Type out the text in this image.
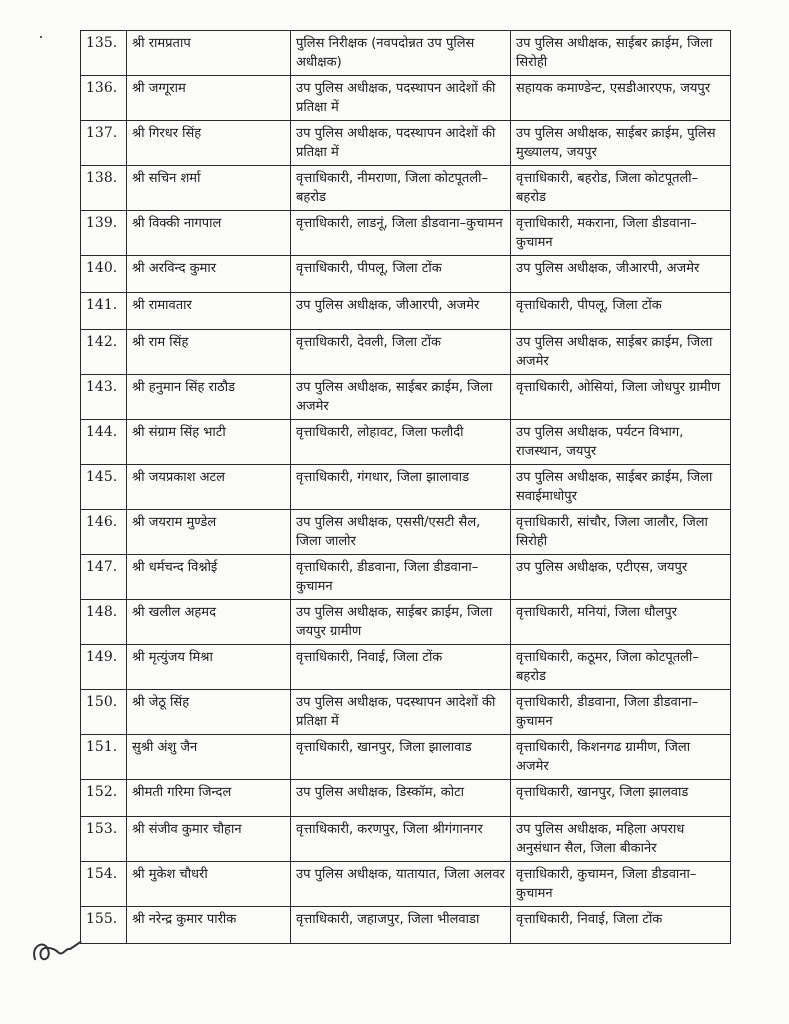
135.	श्री रामप्रताप	पुलिस निरीक्षक (नवपदोन्नत उप पुलिस अधीक्षक)	उप पुलिस अधीक्षक, साईबर क्राईम, जिला सिरोही
136.	श्री जग्गूराम	उप पुलिस अधीक्षक, पदस्थापन आदेशों की प्रतिक्षा में	सहायक कमाण्डेन्ट, एसडीआरएफ, जयपुर
137.	श्री गिरधर सिंह	उप पुलिस अधीक्षक, पदस्थापन आदेशों की प्रतिक्षा में	उप पुलिस अधीक्षक, साईबर क्राईम, पुलिस मुख्यालय, जयपुर
138.	श्री सचिन शर्मा	वृत्ताधिकारी, नीमराणा, जिला कोटपूतली–बहरोड	वृत्ताधिकारी, बहरोड, जिला कोटपूतली–बहरोड
139.	श्री विक्की नागपाल	वृत्ताधिकारी, लाडनूं, जिला डीडवाना–कुचामन	वृत्ताधिकारी, मकराना, जिला डीडवाना–कुचामन
140.	श्री अरविन्द कुमार	वृत्ताधिकारी, पीपलू, जिला टोंक	उप पुलिस अधीक्षक, जीआरपी, अजमेर
141.	श्री रामावतार	उप पुलिस अधीक्षक, जीआरपी, अजमेर	वृत्ताधिकारी, पीपलू, जिला टोंक
142.	श्री राम सिंह	वृत्ताधिकारी, देवली, जिला टोंक	उप पुलिस अधीक्षक, साईबर क्राईम, जिला अजमेर
143.	श्री हनुमान सिंह राठौड	उप पुलिस अधीक्षक, साईबर क्राईम, जिला अजमेर	वृत्ताधिकारी, ओसियां, जिला जोधपुर ग्रामीण
144.	श्री संग्राम सिंह भाटी	वृत्ताधिकारी, लोहावट, जिला फलौदी	उप पुलिस अधीक्षक, पर्यटन विभाग, राजस्थान, जयपुर
145.	श्री जयप्रकाश अटल	वृत्ताधिकारी, गंगधार, जिला झालावाड	उप पुलिस अधीक्षक, साईबर क्राईम, जिला सवाईमाधोपुर
146.	श्री जयराम मुण्डेल	उप पुलिस अधीक्षक, एससी/एसटी सैल, जिला जालोर	वृत्ताधिकारी, सांचौर, जिला जालौर, जिला सिरोही
147.	श्री धर्मचन्द विश्नोई	वृत्ताधिकारी, डीडवाना, जिला डीडवाना–कुचामन	उप पुलिस अधीक्षक, एटीएस, जयपुर
148.	श्री खलील अहमद	उप पुलिस अधीक्षक, साईबर क्राईम, जिला जयपुर ग्रामीण	वृत्ताधिकारी, मनियां, जिला धौलपुर
149.	श्री मृत्युंजय मिश्रा	वृत्ताधिकारी, निवाई, जिला टोंक	वृत्ताधिकारी, कठूमर, जिला कोटपूतली–बहरोड
150.	श्री जेठू सिंह	उप पुलिस अधीक्षक, पदस्थापन आदेशों की प्रतिक्षा में	वृत्ताधिकारी, डीडवाना, जिला डीडवाना–कुचामन
151.	सुश्री अंशु जैन	वृत्ताधिकारी, खानपुर, जिला झालावाड	वृत्ताधिकारी, किशनगढ ग्रामीण, जिला अजमेर
152.	श्रीमती गरिमा जिन्दल	उप पुलिस अधीक्षक, डिस्कॉम, कोटा	वृत्ताधिकारी, खानपुर, जिला झालवाड
153.	श्री संजीव कुमार चौहान	वृत्ताधिकारी, करणपुर, जिला श्रीगंगानगर	उप पुलिस अधीक्षक, महिला अपराध अनुसंधान सैल, जिला बीकानेर
154.	श्री मुकेश चौधरी	उप पुलिस अधीक्षक, यातायात, जिला अलवर	वृत्ताधिकारी, कुचामन, जिला डीडवाना–कुचामन
155.	श्री नरेन्द्र कुमार पारीक	वृत्ताधिकारी, जहाजपुर, जिला भीलवाडा	वृत्ताधिकारी, निवाई, जिला टोंक
